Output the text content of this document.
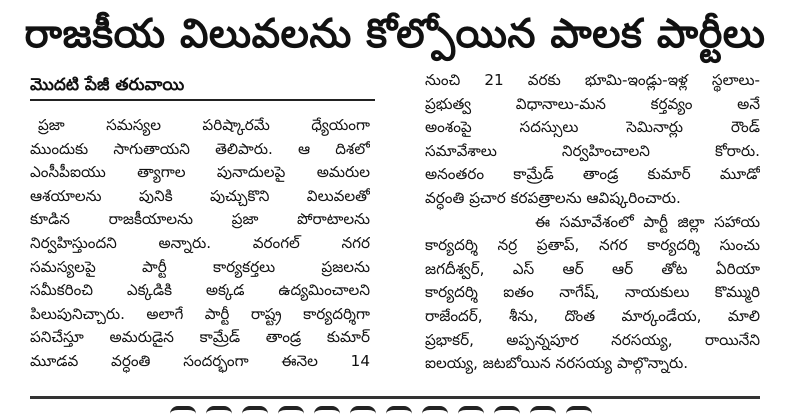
రాజకీయ విలువలను కోల్పోయిన పాలక పార్టీలు
మొదటి పేజీ తరువాయి
ప్రజా సమస్యల పరిష్కారమే ధ్యేయంగా
ముందుకు సాగుతాయని తెలిపారు. ఆ దిశలో
ఎంసీపీఐయు త్యాగాల పునాదులపై అమరుల
ఆశయాలను పునికి పుచ్చుకొని విలువలతో
కూడిన రాజకీయాలను ప్రజా పోరాటాలను
నిర్వహిస్తుందని అన్నారు. వరంగల్ నగర
సమస్యలపై పార్టీ కార్యకర్తలు ప్రజలను
సమీకరించి ఎక్కడికి అక్కడ ఉద్యమించాలని
పిలుపునిచ్చారు. అలాగే పార్టీ రాష్ట్ర కార్యదర్శిగా
పనిచేస్తూ అమరుడైన కామ్రేడ్ తాండ్ర కుమార్
మూడవ వర్ధంతి సందర్భంగా ఈనెల 14
నుంచి 21 వరకు భూమి-ఇండ్లు-ఇళ్ల స్థలాలు-
ప్రభుత్వ విధానాలు-మన కర్తవ్యం అనే
అంశంపై సదస్సులు సెమినార్లు రౌండ్
సమావేశాలు నిర్వహించాలని కోరారు.
అనంతరం కామ్రేడ్ తాండ్ర కుమార్ మూడో
వర్ధంతి ప్రచార కరపత్రాలను ఆవిష్కరించారు.
ఈ సమావేశంలో పార్టీ జిల్లా సహాయ
కార్యదర్శి నర్ర ప్రతాప్, నగర కార్యదర్శి సుంచు
జగదీశ్వర్, ఎస్ ఆర్ ఆర్ తోట ఏరియా
కార్యదర్శి ఐతం నాగేష్, నాయకులు కొమ్మురి
రాజేందర్, శీను, దొంత మార్కండేయ, మాలి
ప్రభాకర్, అప్పన్నపూర నరసయ్య, రాయినేని
ఐలయ్య, జటబోయిన నరసయ్య పాల్గొన్నారు.
